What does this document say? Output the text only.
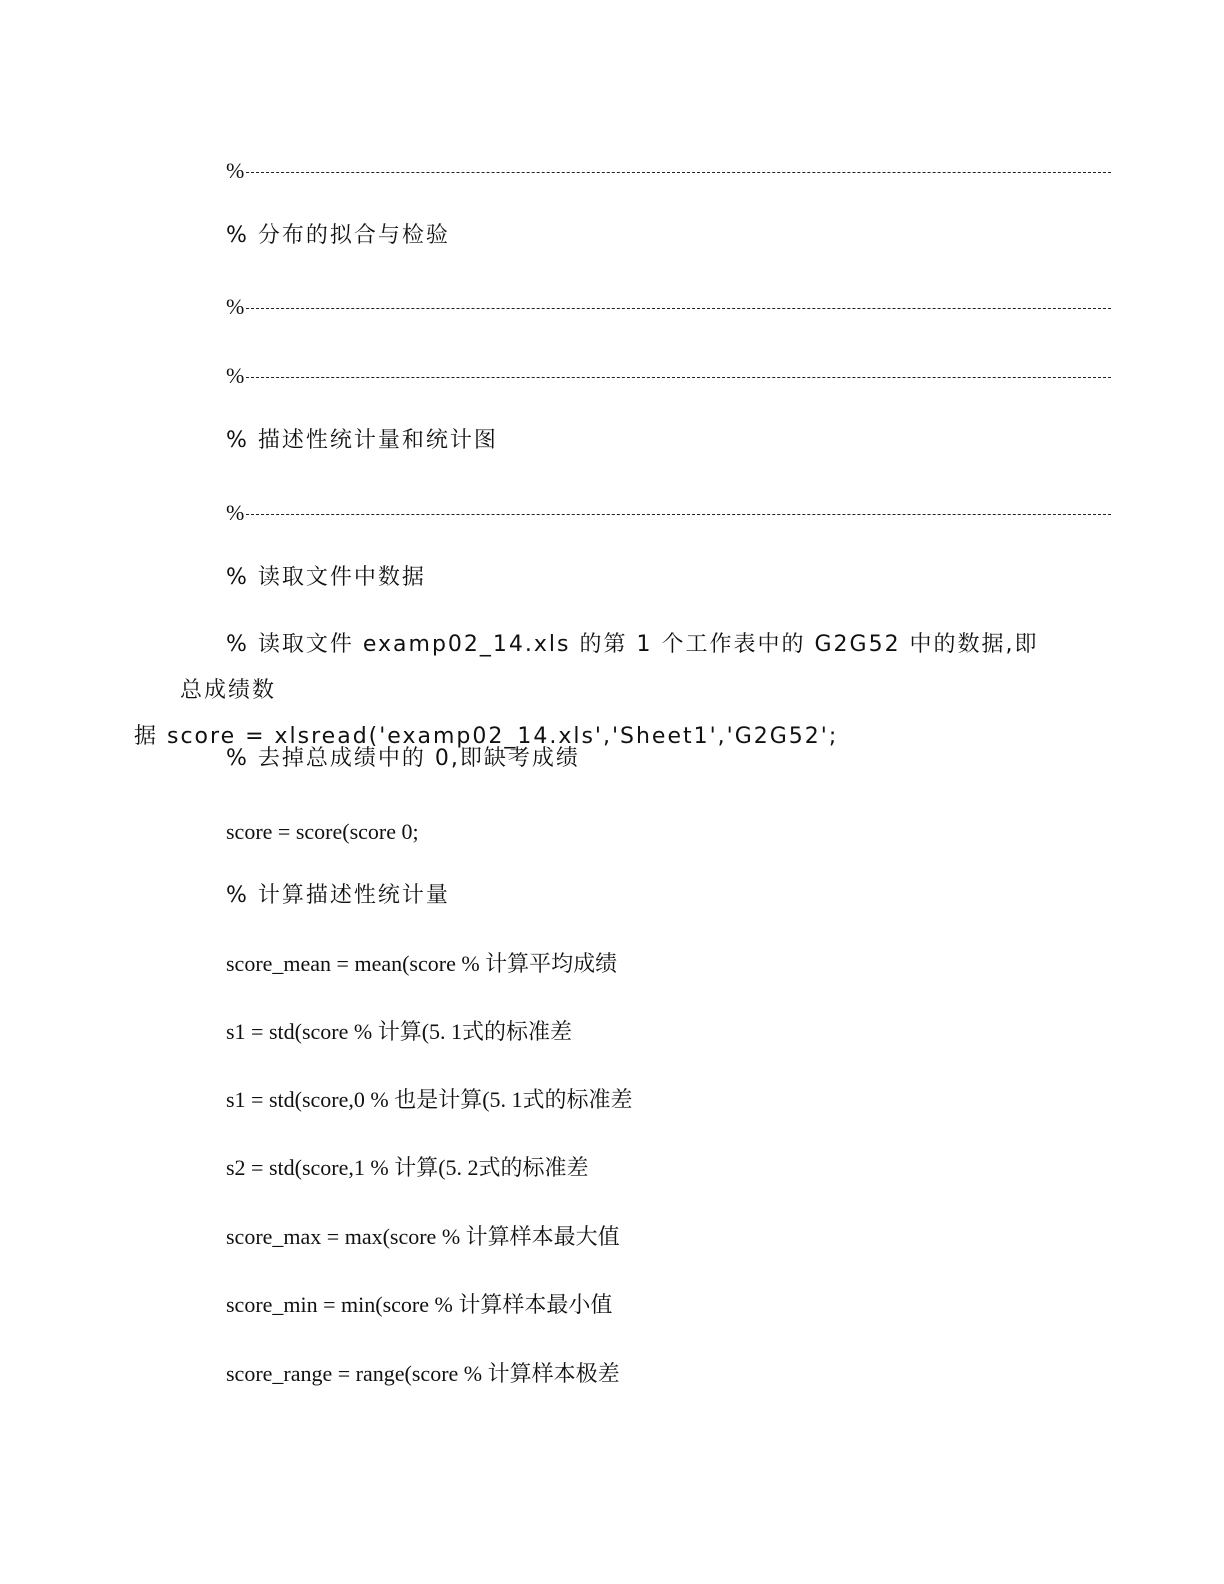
%
% 分布的拟合与检验
%
%
% 描述性统计量和统计图
%
% 读取文件中数据
% 读取文件 examp02_14.xls 的第 1 个工作表中的 G2G52 中的数据,即总成绩数
据 score = xlsread('examp02_14.xls','Sheet1','G2G52';
% 去掉总成绩中的 0,即缺考成绩
score = score(score 0;
% 计算描述性统计量
score_mean = mean(score % 计算平均成绩
s1 = std(score % 计算(5. 1式的标准差
s1 = std(score,0 % 也是计算(5. 1式的标准差
s2 = std(score,1 % 计算(5. 2式的标准差
score_max = max(score % 计算样本最大值
score_min = min(score % 计算样本最小值
score_range = range(score % 计算样本极差
